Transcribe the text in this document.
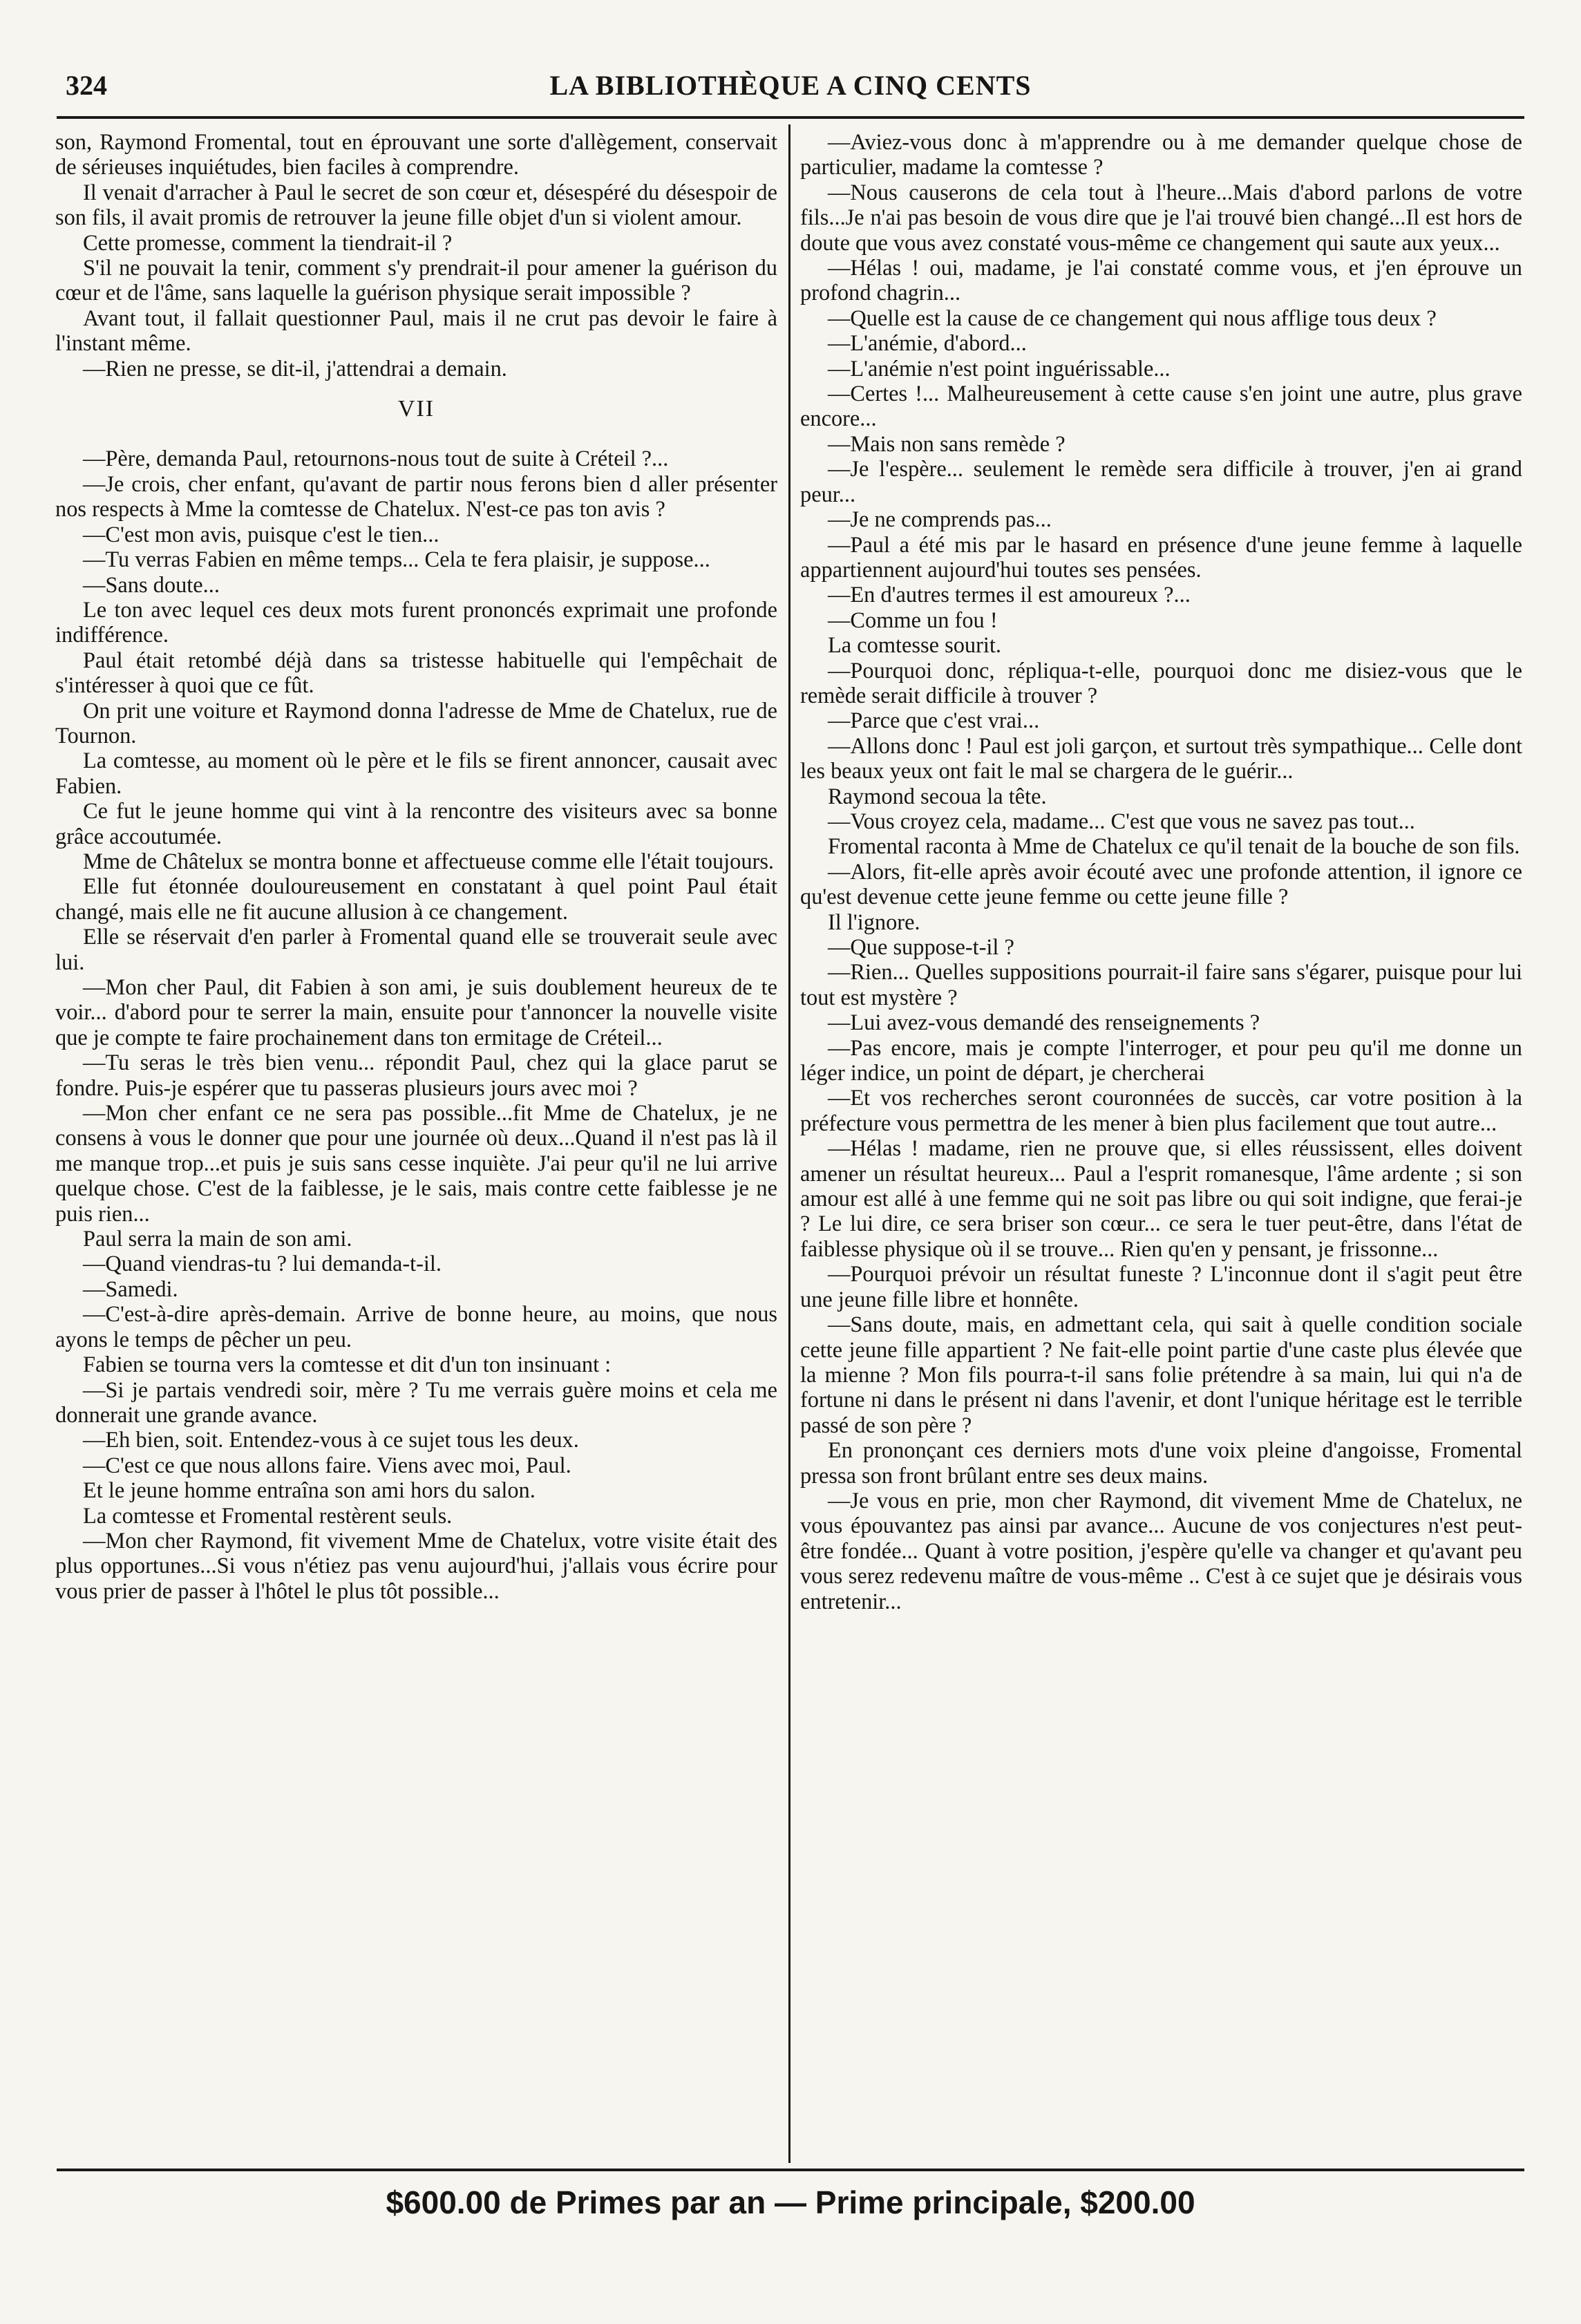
324	LA BIBLIOTHÈQUE A CINQ CENTS

son, Raymond Fromental, tout en éprouvant une sorte d'allègement, conservait de sérieuses inquiétudes, bien faciles à comprendre.

Il venait d'arracher à Paul le secret de son cœur et, désespéré du désespoir de son fils, il avait promis de retrouver la jeune fille objet d'un si violent amour.

Cette promesse, comment la tiendrait-il ?

S'il ne pouvait la tenir, comment s'y prendrait-il pour amener la guérison du cœur et de l'âme, sans laquelle la guérison physique serait impossible ?

Avant tout, il fallait questionner Paul, mais il ne crut pas devoir le faire à l'instant même.

—Rien ne presse, se dit-il, j'attendrai a demain.

VII

—Père, demanda Paul, retournons-nous tout de suite à Créteil ?...

—Je crois, cher enfant, qu'avant de partir nous ferons bien d aller présenter nos respects à Mme la comtesse de Chatelux. N'est-ce pas ton avis ?

—C'est mon avis, puisque c'est le tien...

—Tu verras Fabien en même temps... Cela te fera plaisir, je suppose...

—Sans doute...

Le ton avec lequel ces deux mots furent prononcés exprimait une profonde indifférence.

Paul était retombé déjà dans sa tristesse habituelle qui l'empêchait de s'intéresser à quoi que ce fût.

On prit une voiture et Raymond donna l'adresse de Mme de Chatelux, rue de Tournon.

La comtesse, au moment où le père et le fils se firent annoncer, causait avec Fabien.

Ce fut le jeune homme qui vint à la rencontre des visiteurs avec sa bonne grâce accoutumée.

Mme de Châtelux se montra bonne et affectueuse comme elle l'était toujours.

Elle fut étonnée douloureusement en constatant à quel point Paul était changé, mais elle ne fit aucune allusion à ce changement.

Elle se réservait d'en parler à Fromental quand elle se trouverait seule avec lui.

—Mon cher Paul, dit Fabien à son ami, je suis doublement heureux de te voir... d'abord pour te serrer la main, ensuite pour t'annoncer la nouvelle visite que je compte te faire prochainement dans ton ermitage de Créteil...

—Tu seras le très bien venu... répondit Paul, chez qui la glace parut se fondre. Puis-je espérer que tu passeras plusieurs jours avec moi ?

—Mon cher enfant ce ne sera pas possible...fit Mme de Chatelux, je ne consens à vous le donner que pour une journée où deux...Quand il n'est pas là il me manque trop...et puis je suis sans cesse inquiète. J'ai peur qu'il ne lui arrive quelque chose. C'est de la faiblesse, je le sais, mais contre cette faiblesse je ne puis rien...

Paul serra la main de son ami.

—Quand viendras-tu ? lui demanda-t-il.

—Samedi.

—C'est-à-dire après-demain. Arrive de bonne heure, au moins, que nous ayons le temps de pêcher un peu.

Fabien se tourna vers la comtesse et dit d'un ton insinuant :

—Si je partais vendredi soir, mère ? Tu me verrais guère moins et cela me donnerait une grande avance.

—Eh bien, soit. Entendez-vous à ce sujet tous les deux.

—C'est ce que nous allons faire. Viens avec moi, Paul.

Et le jeune homme entraîna son ami hors du salon.

La comtesse et Fromental restèrent seuls.

—Mon cher Raymond, fit vivement Mme de Chatelux, votre visite était des plus opportunes...Si vous n'étiez pas venu aujourd'hui, j'allais vous écrire pour vous prier de passer à l'hôtel le plus tôt possible...

—Aviez-vous donc à m'apprendre ou à me demander quelque chose de particulier, madame la comtesse ?

—Nous causerons de cela tout à l'heure...Mais d'abord parlons de votre fils...Je n'ai pas besoin de vous dire que je l'ai trouvé bien changé...Il est hors de doute que vous avez constaté vous-même ce changement qui saute aux yeux...

—Hélas ! oui, madame, je l'ai constaté comme vous, et j'en éprouve un profond chagrin...

—Quelle est la cause de ce changement qui nous afflige tous deux ?

—L'anémie, d'abord...

—L'anémie n'est point inguérissable...

—Certes !... Malheureusement à cette cause s'en joint une autre, plus grave encore...

—Mais non sans remède ?

—Je l'espère... seulement le remède sera difficile à trouver, j'en ai grand peur...

—Je ne comprends pas...

—Paul a été mis par le hasard en présence d'une jeune femme à laquelle appartiennent aujourd'hui toutes ses pensées.

—En d'autres termes il est amoureux ?...

—Comme un fou !

La comtesse sourit.

—Pourquoi donc, répliqua-t-elle, pourquoi donc me disiez-vous que le remède serait difficile à trouver ?

—Parce que c'est vrai...

—Allons donc ! Paul est joli garçon, et surtout très sympathique... Celle dont les beaux yeux ont fait le mal se chargera de le guérir...

Raymond secoua la tête.

—Vous croyez cela, madame... C'est que vous ne savez pas tout...

Fromental raconta à Mme de Chatelux ce qu'il tenait de la bouche de son fils.

—Alors, fit-elle après avoir écouté avec une profonde attention, il ignore ce qu'est devenue cette jeune femme ou cette jeune fille ?

Il l'ignore.

—Que suppose-t-il ?

—Rien... Quelles suppositions pourrait-il faire sans s'égarer, puisque pour lui tout est mystère ?

—Lui avez-vous demandé des renseignements ?

—Pas encore, mais je compte l'interroger, et pour peu qu'il me donne un léger indice, un point de départ, je chercherai

—Et vos recherches seront couronnées de succès, car votre position à la préfecture vous permettra de les mener à bien plus facilement que tout autre...

—Hélas ! madame, rien ne prouve que, si elles réussissent, elles doivent amener un résultat heureux... Paul a l'esprit romanesque, l'âme ardente ; si son amour est allé à une femme qui ne soit pas libre ou qui soit indigne, que ferai-je ? Le lui dire, ce sera briser son cœur... ce sera le tuer peut-être, dans l'état de faiblesse physique où il se trouve... Rien qu'en y pensant, je frissonne...

—Pourquoi prévoir un résultat funeste ? L'inconnue dont il s'agit peut être une jeune fille libre et honnête.

—Sans doute, mais, en admettant cela, qui sait à quelle condition sociale cette jeune fille appartient ? Ne fait-elle point partie d'une caste plus élevée que la mienne ? Mon fils pourra-t-il sans folie prétendre à sa main, lui qui n'a de fortune ni dans le présent ni dans l'avenir, et dont l'unique héritage est le terrible passé de son père ?

En prononçant ces derniers mots d'une voix pleine d'angoisse, Fromental pressa son front brûlant entre ses deux mains.

—Je vous en prie, mon cher Raymond, dit vivement Mme de Chatelux, ne vous épouvantez pas ainsi par avance... Aucune de vos conjectures n'est peut-être fondée... Quant à votre position, j'espère qu'elle va changer et qu'avant peu vous serez redevenu maître de vous-même .. C'est à ce sujet que je désirais vous entretenir...

$600.00 de Primes par an — Prime principale, $200.00
